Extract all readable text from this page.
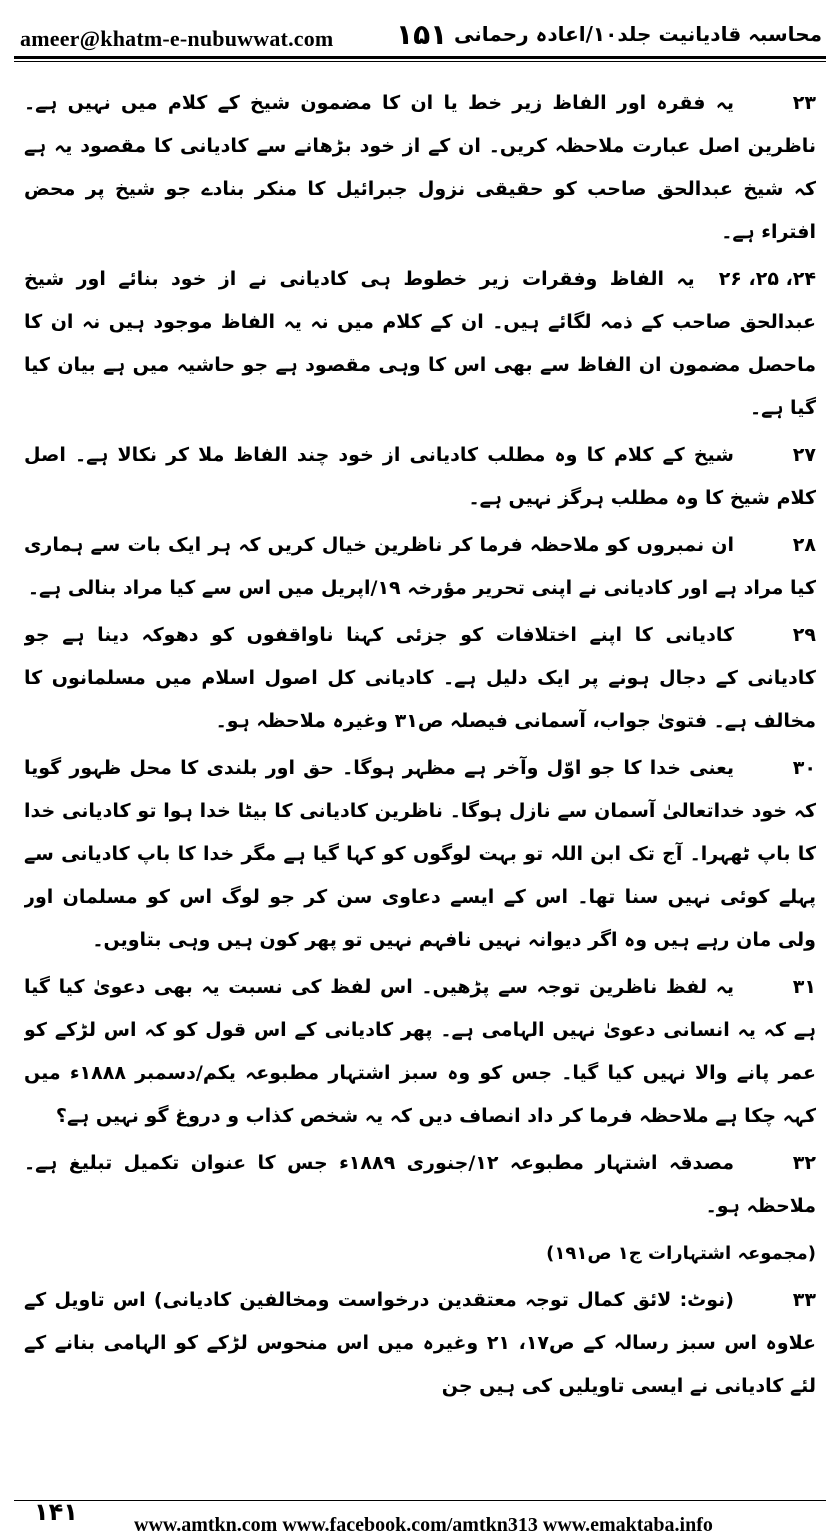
ameer@khatm-e-nubuwwat.com ۱۵۱ محاسبہ قادیانیت جلد۱۰/اعادہ رحمانی

۲۳یہ فقرہ اور الفاظ زیر خط یا ان کا مضمون شیخ کے کلام میں نہیں ہے۔ ناظرین اصل عبارت ملاحظہ کریں۔ ان کے از خود بڑھانے سے کادیانی کا مقصود یہ ہے کہ شیخ عبدالحق صاحب کو حقیقی نزول جبرائیل کا منکر بنادے جو شیخ پر محض افتراء ہے۔

۲۴، ۲۵، ۲۶یہ الفاظ وفقرات زیر خطوط ہی کادیانی نے از خود بنائے اور شیخ عبدالحق صاحب کے ذمہ لگائے ہیں۔ ان کے کلام میں نہ یہ الفاظ موجود ہیں نہ ان کا ماحصل مضمون ان الفاظ سے بھی اس کا وہی مقصود ہے جو حاشیہ میں ہے بیان کیا گیا ہے۔

۲۷شیخ کے کلام کا وہ مطلب کادیانی از خود چند الفاظ ملا کر نکالا ہے۔ اصل کلام شیخ کا وہ مطلب ہرگز نہیں ہے۔

۲۸ان نمبروں کو ملاحظہ فرما کر ناظرین خیال کریں کہ ہر ایک بات سے ہماری کیا مراد ہے اور کادیانی نے اپنی تحریر مؤرخہ ۱۹/اپریل میں اس سے کیا مراد بنالی ہے۔

۲۹کادیانی کا اپنے اختلافات کو جزئی کہنا ناواقفوں کو دھوکہ دینا ہے جو کادیانی کے دجال ہونے پر ایک دلیل ہے۔ کادیانی کل اصول اسلام میں مسلمانوں کا مخالف ہے۔ فتویٰ جواب، آسمانی فیصلہ ص۳۱ وغیرہ ملاحظہ ہو۔

۳۰یعنی خدا کا جو اوّل وآخر ہے مظہر ہوگا۔ حق اور بلندی کا محل ظہور گویا کہ خود خداتعالیٰ آسمان سے نازل ہوگا۔ ناظرین کادیانی کا بیٹا خدا ہوا تو کادیانی خدا کا باپ ٹھہرا۔ آج تک ابن اللہ تو بہت لوگوں کو کہا گیا ہے مگر خدا کا باپ کادیانی سے پہلے کوئی نہیں سنا تھا۔ اس کے ایسے دعاوی سن کر جو لوگ اس کو مسلمان اور ولی مان رہے ہیں وہ اگر دیوانہ نہیں نافہم نہیں تو پھر کون ہیں وہی بتاویں۔

۳۱یہ لفظ ناظرین توجہ سے پڑھیں۔ اس لفظ کی نسبت یہ بھی دعویٰ کیا گیا ہے کہ یہ انسانی دعویٰ نہیں الہامی ہے۔ پھر کادیانی کے اس قول کو کہ اس لڑکے کو عمر پانے والا نہیں کیا گیا۔ جس کو وہ سبز اشتہار مطبوعہ یکم/دسمبر ۱۸۸۸ء میں کہہ چکا ہے ملاحظہ فرما کر داد انصاف دیں کہ یہ شخص کذاب و دروغ گو نہیں ہے؟

۳۲مصدقہ اشتہار مطبوعہ ۱۲/جنوری ۱۸۸۹ء جس کا عنوان تکمیل تبلیغ ہے۔ ملاحظہ ہو۔

(مجموعہ اشتہارات ج۱ ص۱۹۱)

۳۳(نوٹ: لائق کمال توجہ معتقدین درخواست ومخالفین کادیانی) اس تاویل کے علاوہ اس سبز رسالہ کے ص۱۷، ۲۱ وغیرہ میں اس منحوس لڑکے کو الہامی بنانے کے لئے کادیانی نے ایسی تاویلیں کی ہیں جن

۱۴۱	www.amtkn.com www.facebook.com/amtkn313 www.emaktaba.info
